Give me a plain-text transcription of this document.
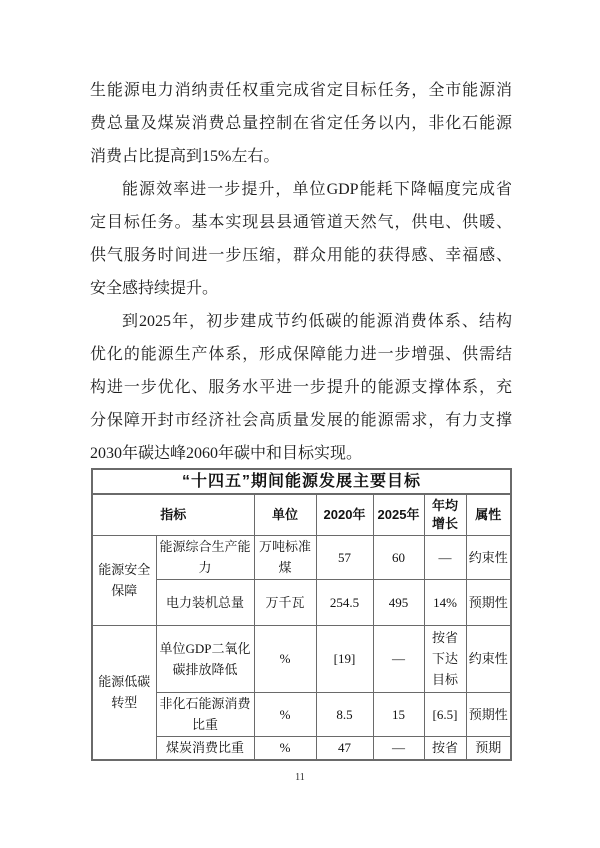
生能源电力消纳责任权重完成省定目标任务，全市能源消
费总量及煤炭消费总量控制在省定任务以内，非化石能源
消费占比提高到15%左右。
能源效率进一步提升，单位GDP能耗下降幅度完成省
定目标任务。基本实现县县通管道天然气，供电、供暖、
供气服务时间进一步压缩，群众用能的获得感、幸福感、
安全感持续提升。
到2025年，初步建成节约低碳的能源消费体系、结构
优化的能源生产体系，形成保障能力进一步增强、供需结
构进一步优化、服务水平进一步提升的能源支撑体系，充
分保障开封市经济社会高质量发展的能源需求，有力支撑
2030年碳达峰2060年碳中和目标实现。
“十四五”期间能源发展主要目标						
指标		单位	2020年	2025年	年均增长	属性
能源安全保障	能源综合生产能力	万吨标准煤	57	60	—	约束性
	电力装机总量	万千瓦	254.5	495	14%	预期性
能源低碳转型	单位GDP二氧化碳排放降低	%	[19]	—	按省下达目标	约束性
	非化石能源消费比重	%	8.5	15	[6.5]	预期性
	煤炭消费比重	%	47	—	按省	预期
11
